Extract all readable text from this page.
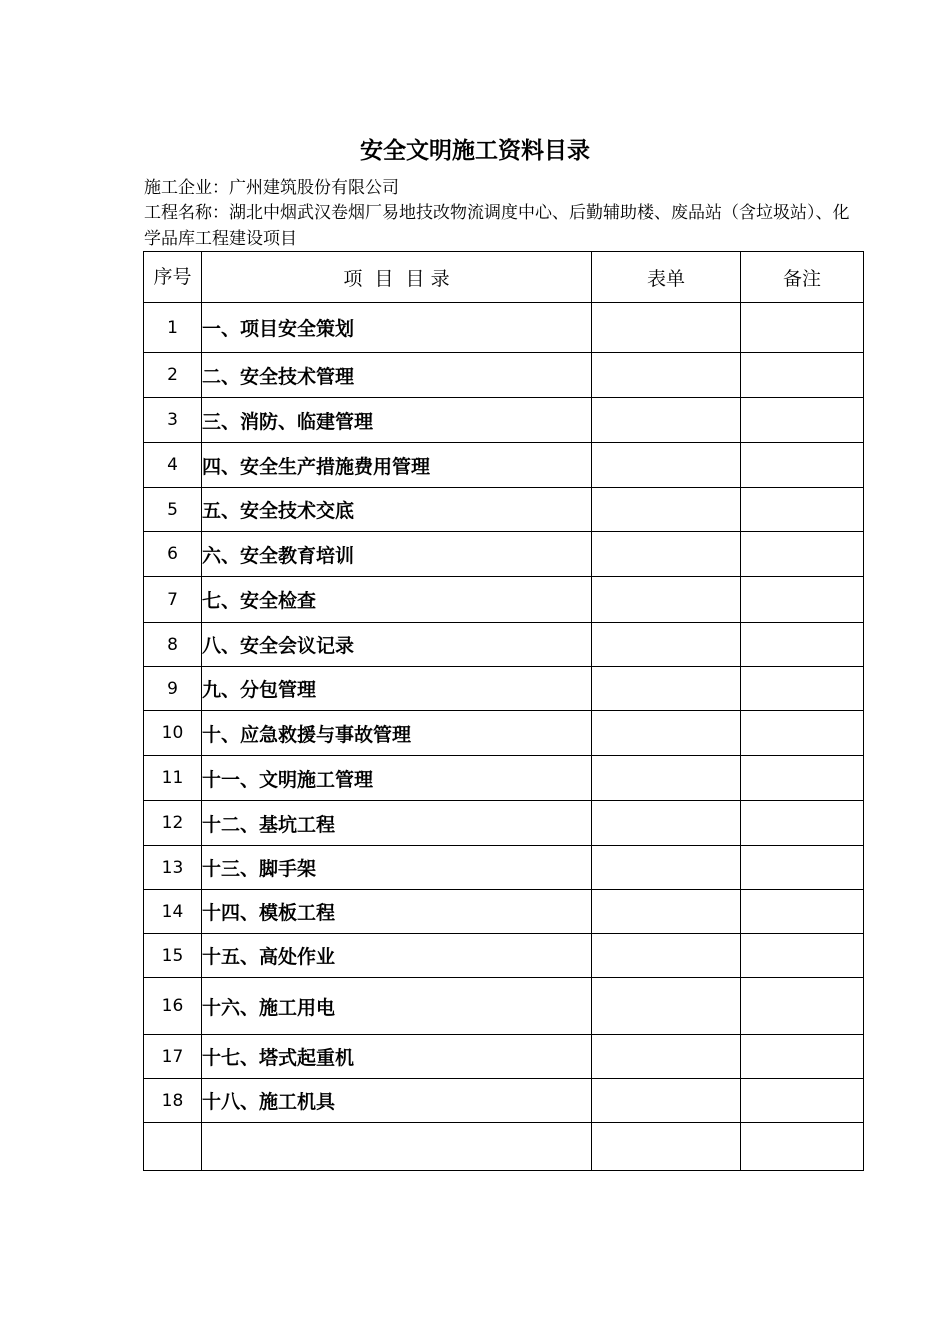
安全文明施工资料目录
施工企业：广州建筑股份有限公司
工程名称：湖北中烟武汉卷烟厂易地技改物流调度中心、后勤辅助楼、废品站（含垃圾站）、化学品库工程建设项目
序号	项  目  目 录	表单	备注
1	一、项目安全策划		
2	二、安全技术管理		
3	三、消防、临建管理		
4	四、安全生产措施费用管理		
5	五、安全技术交底		
6	六、安全教育培训		
7	七、安全检查		
8	八、安全会议记录		
9	九、分包管理		
10	十、应急救援与事故管理		
11	十一、文明施工管理		
12	十二、基坑工程		
13	十三、脚手架		
14	十四、模板工程		
15	十五、高处作业		
16	十六、施工用电		
17	十七、塔式起重机		
18	十八、施工机具		
